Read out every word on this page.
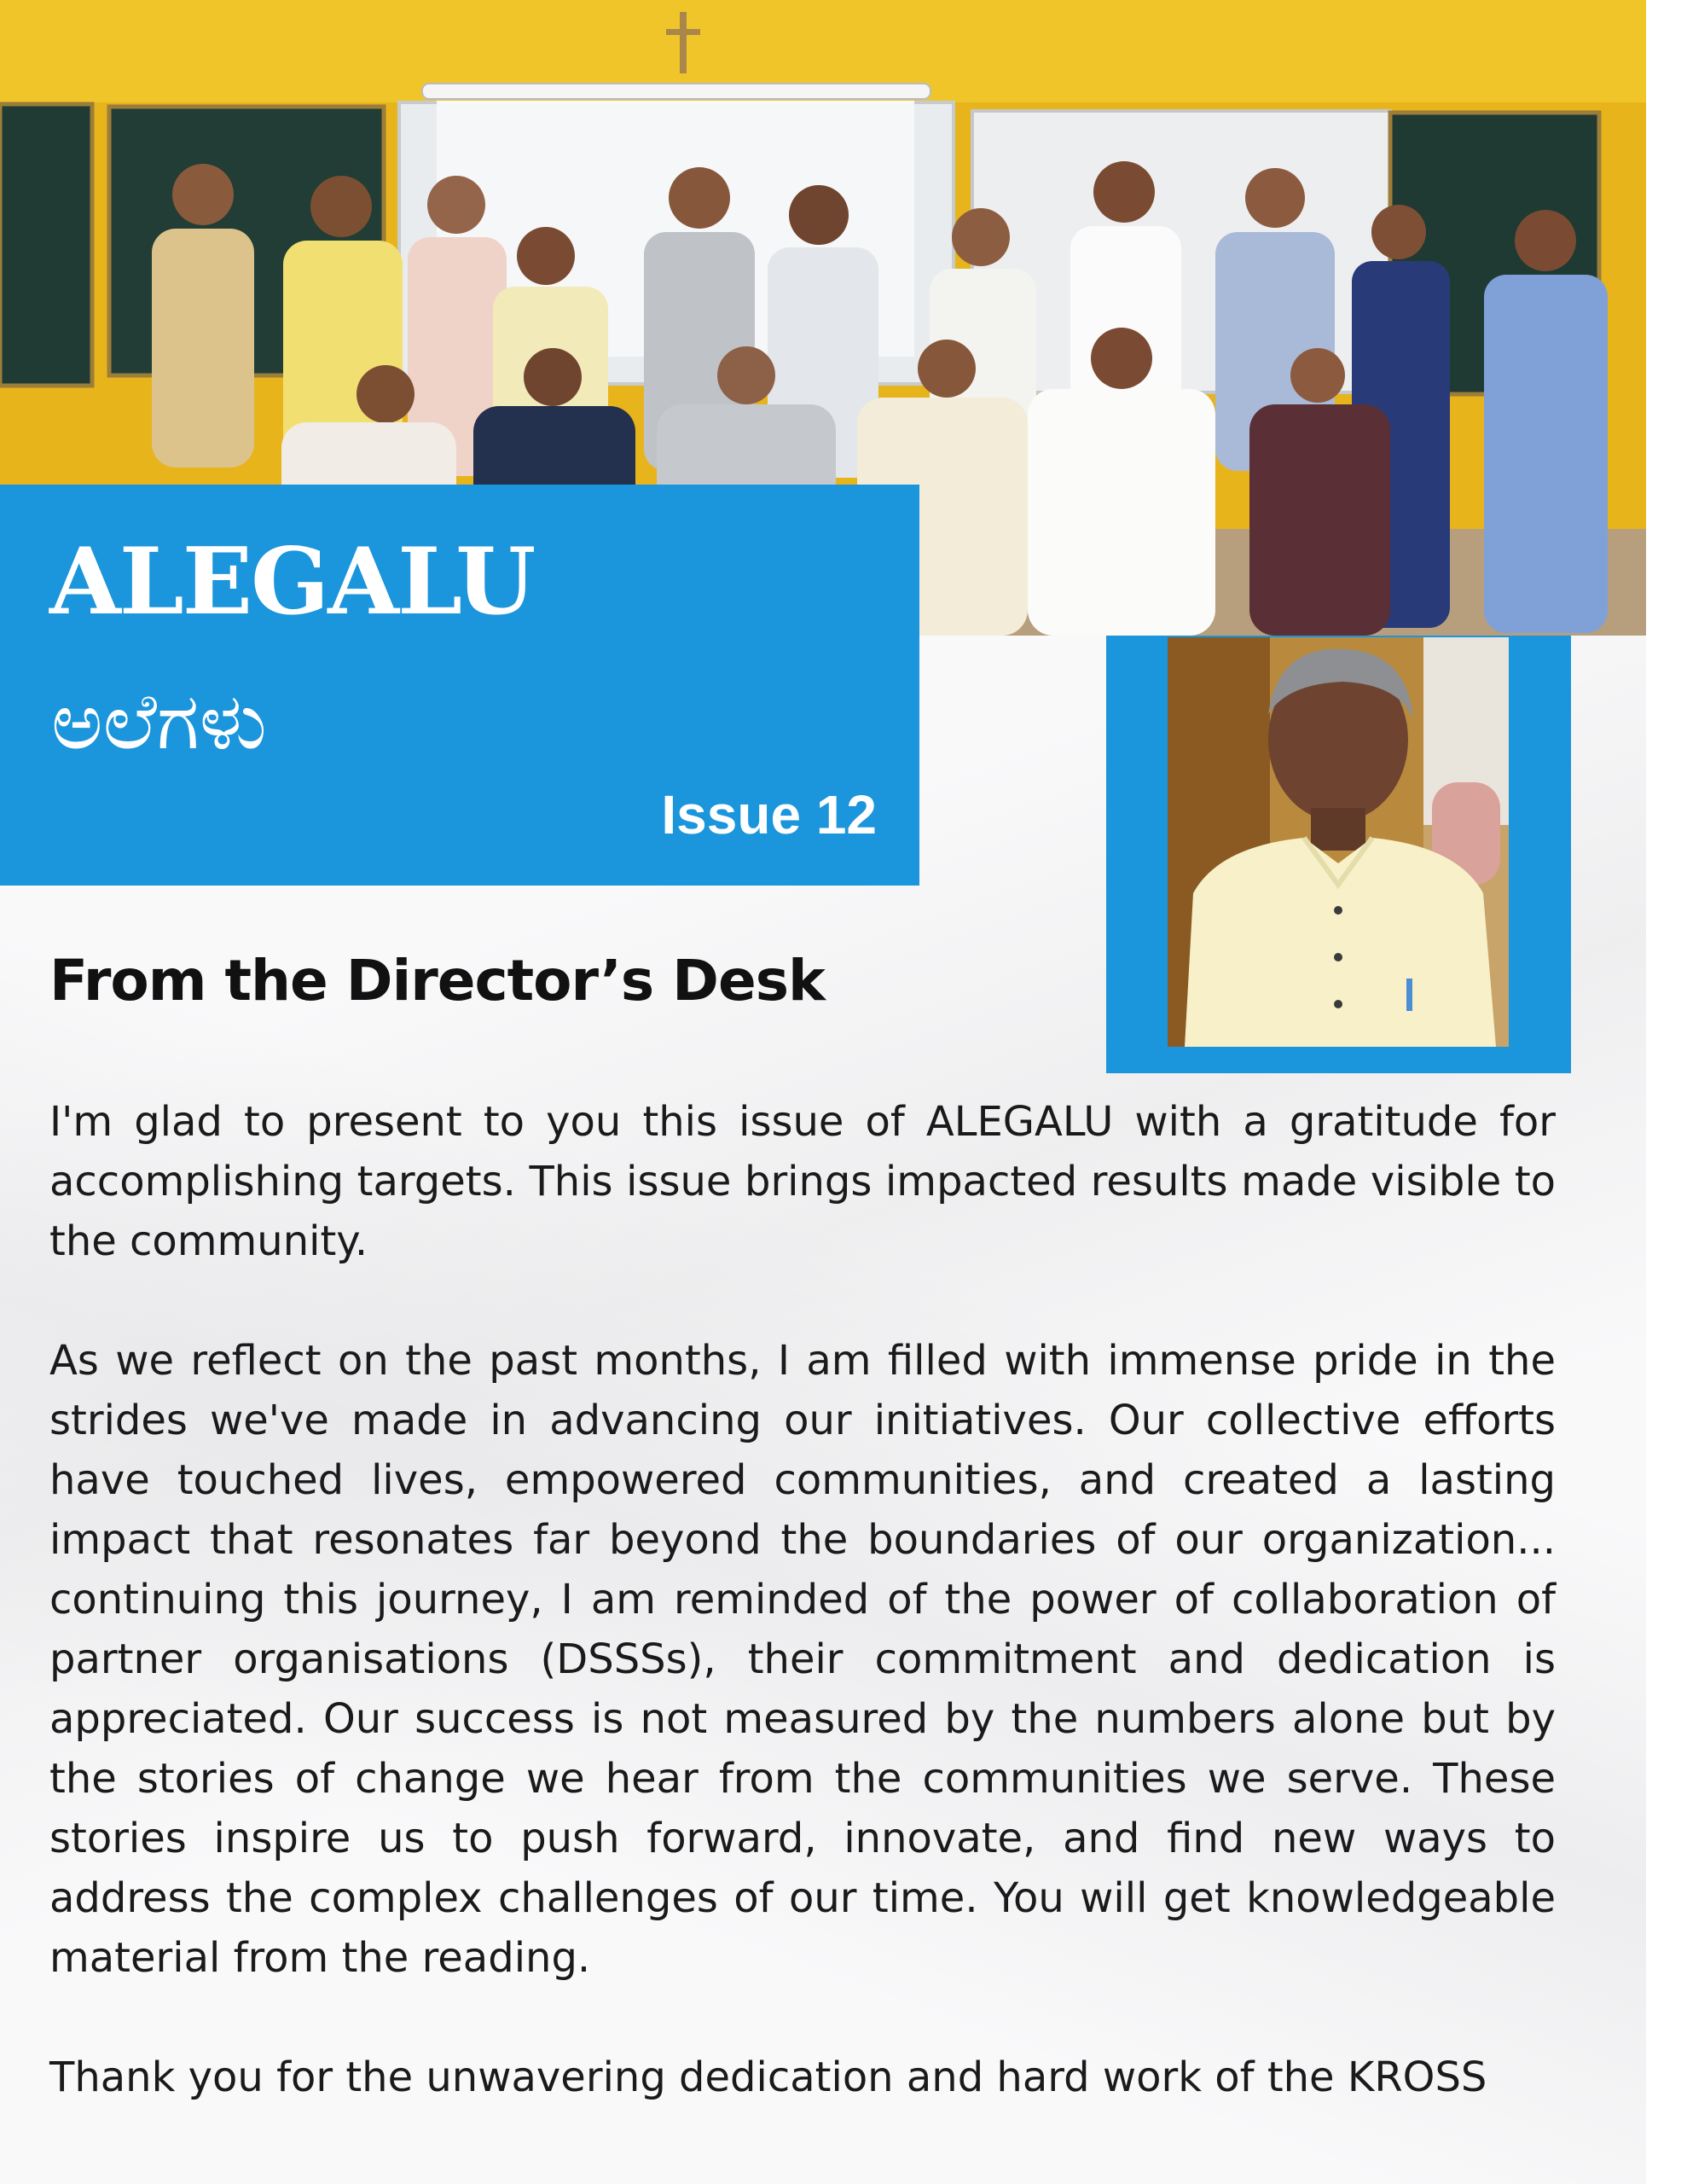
ALEGALU
ಅಲೆಗಳು
Issue 12
From the Director’s Desk

I'm glad to present to you this issue of ALEGALU with a gratitude for accomplishing targets. This issue brings impacted results made visible to the community.

As we reflect on the past months, I am filled with immense pride in the strides we've made in advancing our initiatives. Our collective efforts have touched lives, empowered communities, and created a lasting impact that resonates far beyond the boundaries of our organization... continuing this journey, I am reminded of the power of collaboration of partner organisations (DSSSs), their commitment and dedication is appreciated. Our success is not measured by the numbers alone but by the stories of change we hear from the communities we serve. These stories inspire us to push forward, innovate, and find new ways to address the complex challenges of our time. You will get knowledgeable material from the reading.

Thank you for the unwavering dedication and hard work of the KROSS
